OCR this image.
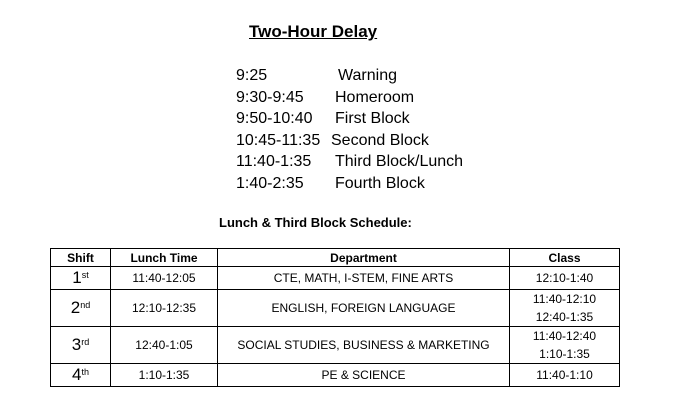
Two-Hour Delay
9:25	Warning
9:30-9:45 Homeroom
9:50-10:40 First Block
10:45-11:35 Second Block
11:40-1:35 Third Block/Lunch
1:40-2:35 Fourth Block
Lunch & Third Block Schedule:
Shift	Lunch Time	Department	Class
1st	11:40-12:05	CTE, MATH, I-STEM, FINE ARTS	12:10-1:40

2nd	12:10-12:35	ENGLISH, FOREIGN LANGUAGE	11:40-12:10
12:40-1:35

3rd	12:40-1:05	SOCIAL STUDIES, BUSINESS & MARKETING	11:40-12:40
1:10-1:35

4th	1:10-1:35	PE & SCIENCE	11:40-1:10
